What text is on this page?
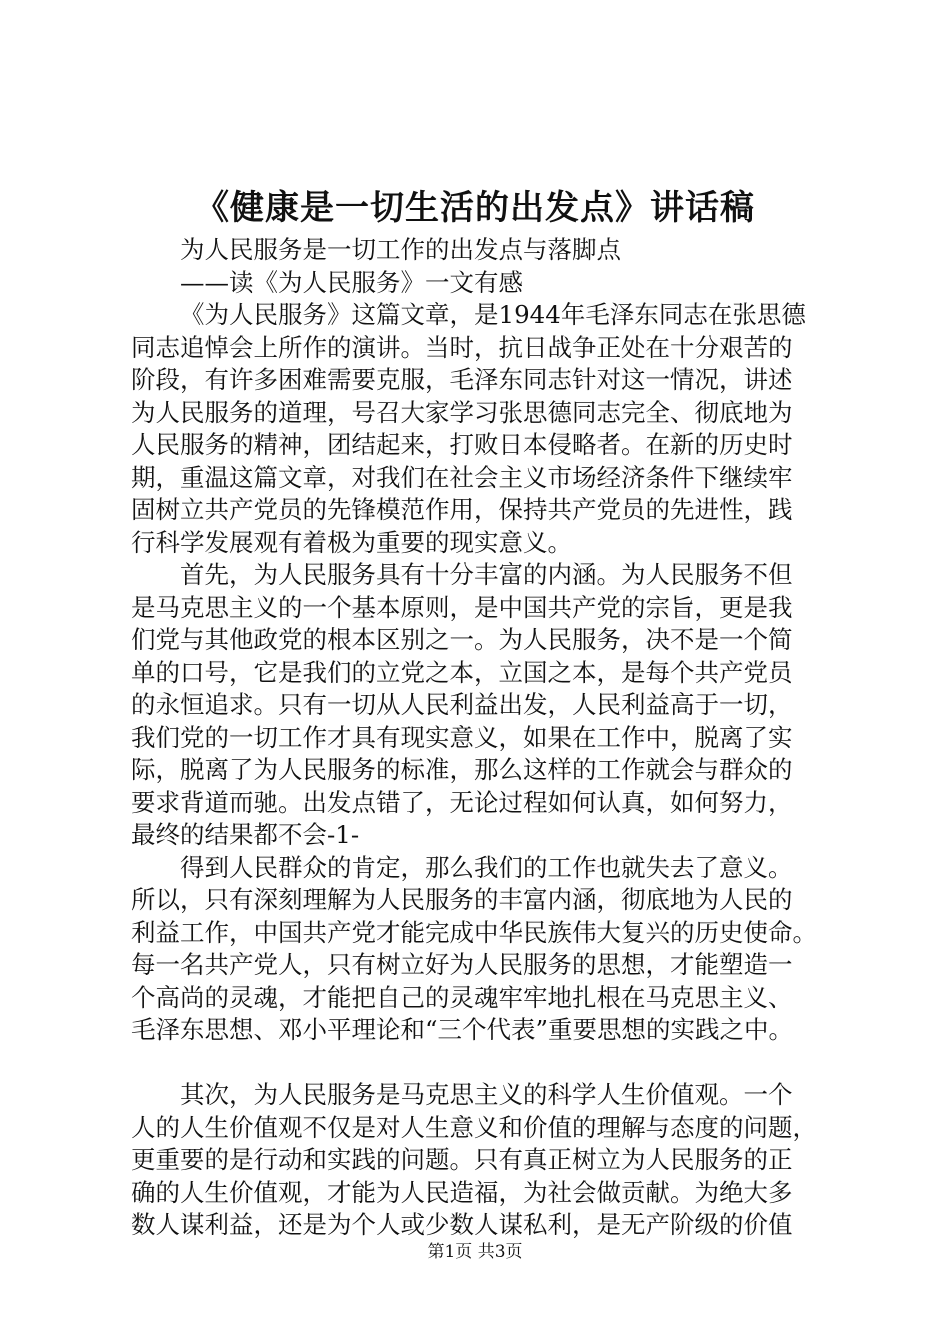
《健康是一切生活的出发点》讲话稿
为人民服务是一切工作的出发点与落脚点
——读《为人民服务》一文有感
《为人民服务》这篇文章，是1944年毛泽东同志在张思德
同志追悼会上所作的演讲。当时，抗日战争正处在十分艰苦的
阶段，有许多困难需要克服，毛泽东同志针对这一情况，讲述
为人民服务的道理，号召大家学习张思德同志完全、彻底地为
人民服务的精神，团结起来，打败日本侵略者。在新的历史时
期，重温这篇文章，对我们在社会主义市场经济条件下继续牢
固树立共产党员的先锋模范作用，保持共产党员的先进性，践
行科学发展观有着极为重要的现实意义。
首先，为人民服务具有十分丰富的内涵。为人民服务不但
是马克思主义的一个基本原则，是中国共产党的宗旨，更是我
们党与其他政党的根本区别之一。为人民服务，决不是一个简
单的口号，它是我们的立党之本，立国之本，是每个共产党员
的永恒追求。只有一切从人民利益出发，人民利益高于一切，
我们党的一切工作才具有现实意义，如果在工作中，脱离了实
际，脱离了为人民服务的标准，那么这样的工作就会与群众的
要求背道而驰。出发点错了，无论过程如何认真，如何努力，
最终的结果都不会-1-
得到人民群众的肯定，那么我们的工作也就失去了意义。
所以，只有深刻理解为人民服务的丰富内涵，彻底地为人民的
利益工作，中国共产党才能完成中华民族伟大复兴的历史使命。
每一名共产党人，只有树立好为人民服务的思想，才能塑造一
个高尚的灵魂，才能把自己的灵魂牢牢地扎根在马克思主义、
毛泽东思想、邓小平理论和“三个代表”重要思想的实践之中。
其次，为人民服务是马克思主义的科学人生价值观。一个
人的人生价值观不仅是对人生意义和价值的理解与态度的问题，
更重要的是行动和实践的问题。只有真正树立为人民服务的正
确的人生价值观，才能为人民造福，为社会做贡献。为绝大多
数人谋利益，还是为个人或少数人谋私利，是无产阶级的价值
第1页 共3页
